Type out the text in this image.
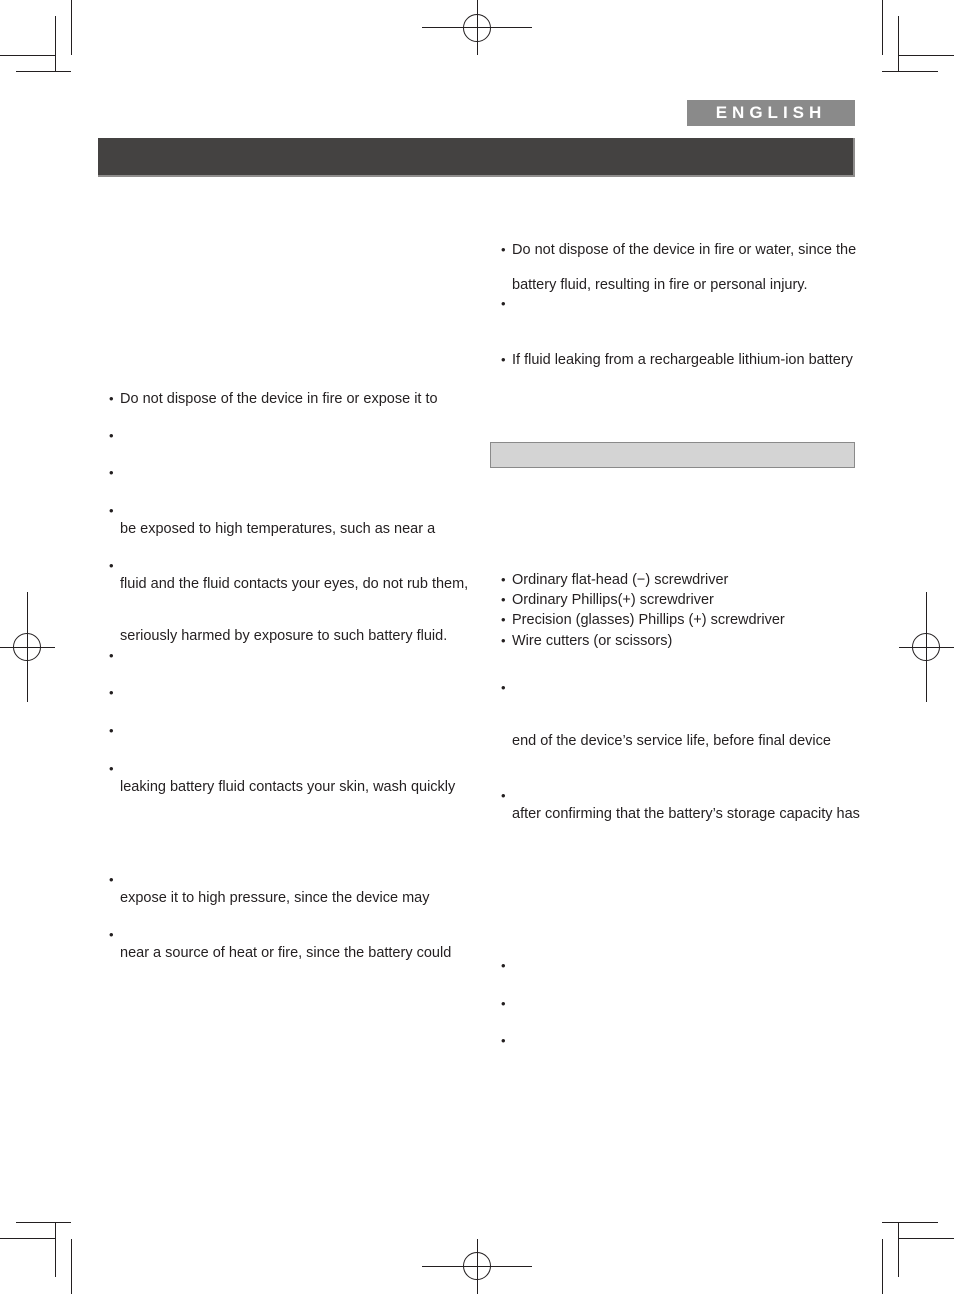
ENGLISH
• Do not dispose of the device in fire or expose it to
•
•
•
be exposed to high temperatures, such as near a
•
fluid and the fluid contacts your eyes, do not rub them,
seriously harmed by exposure to such battery fluid.
•
•
•
•
leaking battery fluid contacts your skin, wash quickly
•
expose it to high pressure, since the device may
•
near a source of heat or fire, since the battery could
• Do not dispose of the device in fire or water, since the
battery fluid, resulting in fire or personal injury.
•
• If fluid leaking from a rechargeable lithium-ion battery
• Ordinary flat-head (−) screwdriver
• Ordinary Phillips(+) screwdriver
• Precision (glasses) Phillips (+) screwdriver
• Wire cutters (or scissors)
•
end of the device’s service life, before final device
•
after confirming that the battery’s storage capacity has
•
•
•
